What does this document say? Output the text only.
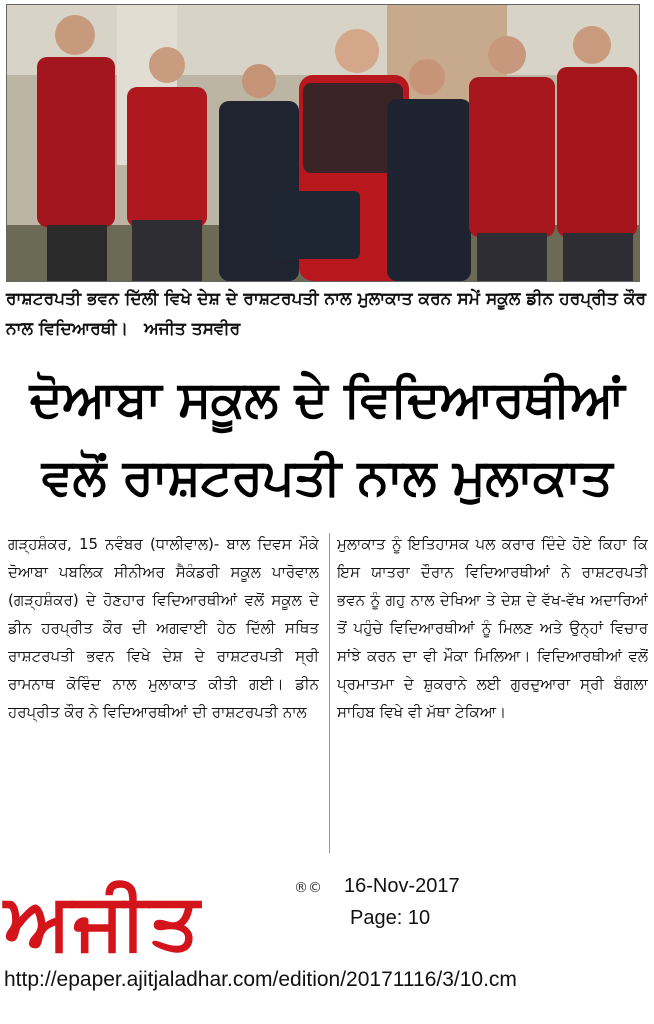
ਰਾਸ਼ਟਰਪਤੀ ਭਵਨ ਦਿੱਲੀ ਵਿਖੇ ਦੇਸ਼ ਦੇ ਰਾਸ਼ਟਰਪਤੀ ਨਾਲ ਮੁਲਾਕਾਤ ਕਰਨ ਸਮੇਂ ਸਕੂਲ ਡੀਨ ਹਰਪ੍ਰੀਤ ਕੌਰ ਨਾਲ ਵਿਦਿਆਰਥੀ। ਅਜੀਤ ਤਸਵੀਰ
ਦੋਆਬਾ ਸਕੂਲ ਦੇ ਵਿਦਿਆਰਥੀਆਂ
ਵਲੋਂ ਰਾਸ਼ਟਰਪਤੀ ਨਾਲ ਮੁਲਾਕਾਤ
ਗੜ੍ਹਸ਼ੰਕਰ, 15 ਨਵੰਬਰ (ਧਾਲੀਵਾਲ)- ਬਾਲ ਦਿਵਸ ਮੌਕੇ ਦੋਆਬਾ ਪਬਲਿਕ ਸੀਨੀਅਰ ਸੈਕੰਡਰੀ ਸਕੂਲ ਪਾਰੋਵਾਲ (ਗੜ੍ਹਸ਼ੰਕਰ) ਦੇ ਹੋਣਹਾਰ ਵਿਦਿਆਰਥੀਆਂ ਵਲੋਂ ਸਕੂਲ ਦੇ ਡੀਨ ਹਰਪ੍ਰੀਤ ਕੌਰ ਦੀ ਅਗਵਾਈ ਹੇਠ ਦਿੱਲੀ ਸਥਿਤ ਰਾਸ਼ਟਰਪਤੀ ਭਵਨ ਵਿਖੇ ਦੇਸ਼ ਦੇ ਰਾਸ਼ਟਰਪਤੀ ਸ੍ਰੀ ਰਾਮਨਾਥ ਕੋਵਿੰਦ ਨਾਲ ਮੁਲਾਕਾਤ ਕੀਤੀ ਗਈ। ਡੀਨ ਹਰਪ੍ਰੀਤ ਕੌਰ ਨੇ ਵਿਦਿਆਰਥੀਆਂ ਦੀ ਰਾਸ਼ਟਰਪਤੀ ਨਾਲ
ਮੁਲਾਕਾਤ ਨੂੰ ਇਤਿਹਾਸਕ ਪਲ ਕਰਾਰ ਦਿੰਦੇ ਹੋਏ ਕਿਹਾ ਕਿ ਇਸ ਯਾਤਰਾ ਦੌਰਾਨ ਵਿਦਿਆਰਥੀਆਂ ਨੇ ਰਾਸ਼ਟਰਪਤੀ ਭਵਨ ਨੂੰ ਗਹੁ ਨਾਲ ਦੇਖਿਆ ਤੇ ਦੇਸ਼ ਦੇ ਵੱਖ-ਵੱਖ ਅਦਾਰਿਆਂ ਤੋਂ ਪਹੁੰਚੇ ਵਿਦਿਆਰਥੀਆਂ ਨੂੰ ਮਿਲਣ ਅਤੇ ਉਨ੍ਹਾਂ ਵਿਚਾਰ ਸਾਂਝੇ ਕਰਨ ਦਾ ਵੀ ਮੌਕਾ ਮਿਲਿਆ। ਵਿਦਿਆਰਥੀਆਂ ਵਲੋਂ ਪ੍ਰਮਾਤਮਾ ਦੇ ਸ਼ੁਕਰਾਨੇ ਲਈ ਗੁਰਦੁਆਰਾ ਸ੍ਰੀ ਬੰਗਲਾ ਸਾਹਿਬ ਵਿਖੇ ਵੀ ਮੱਥਾ ਟੇਕਿਆ।
ਅਜੀਤ	®© 16-Nov-2017
Page: 10
http://epaper.ajitjaladhar.com/edition/20171116/3/10.cm
